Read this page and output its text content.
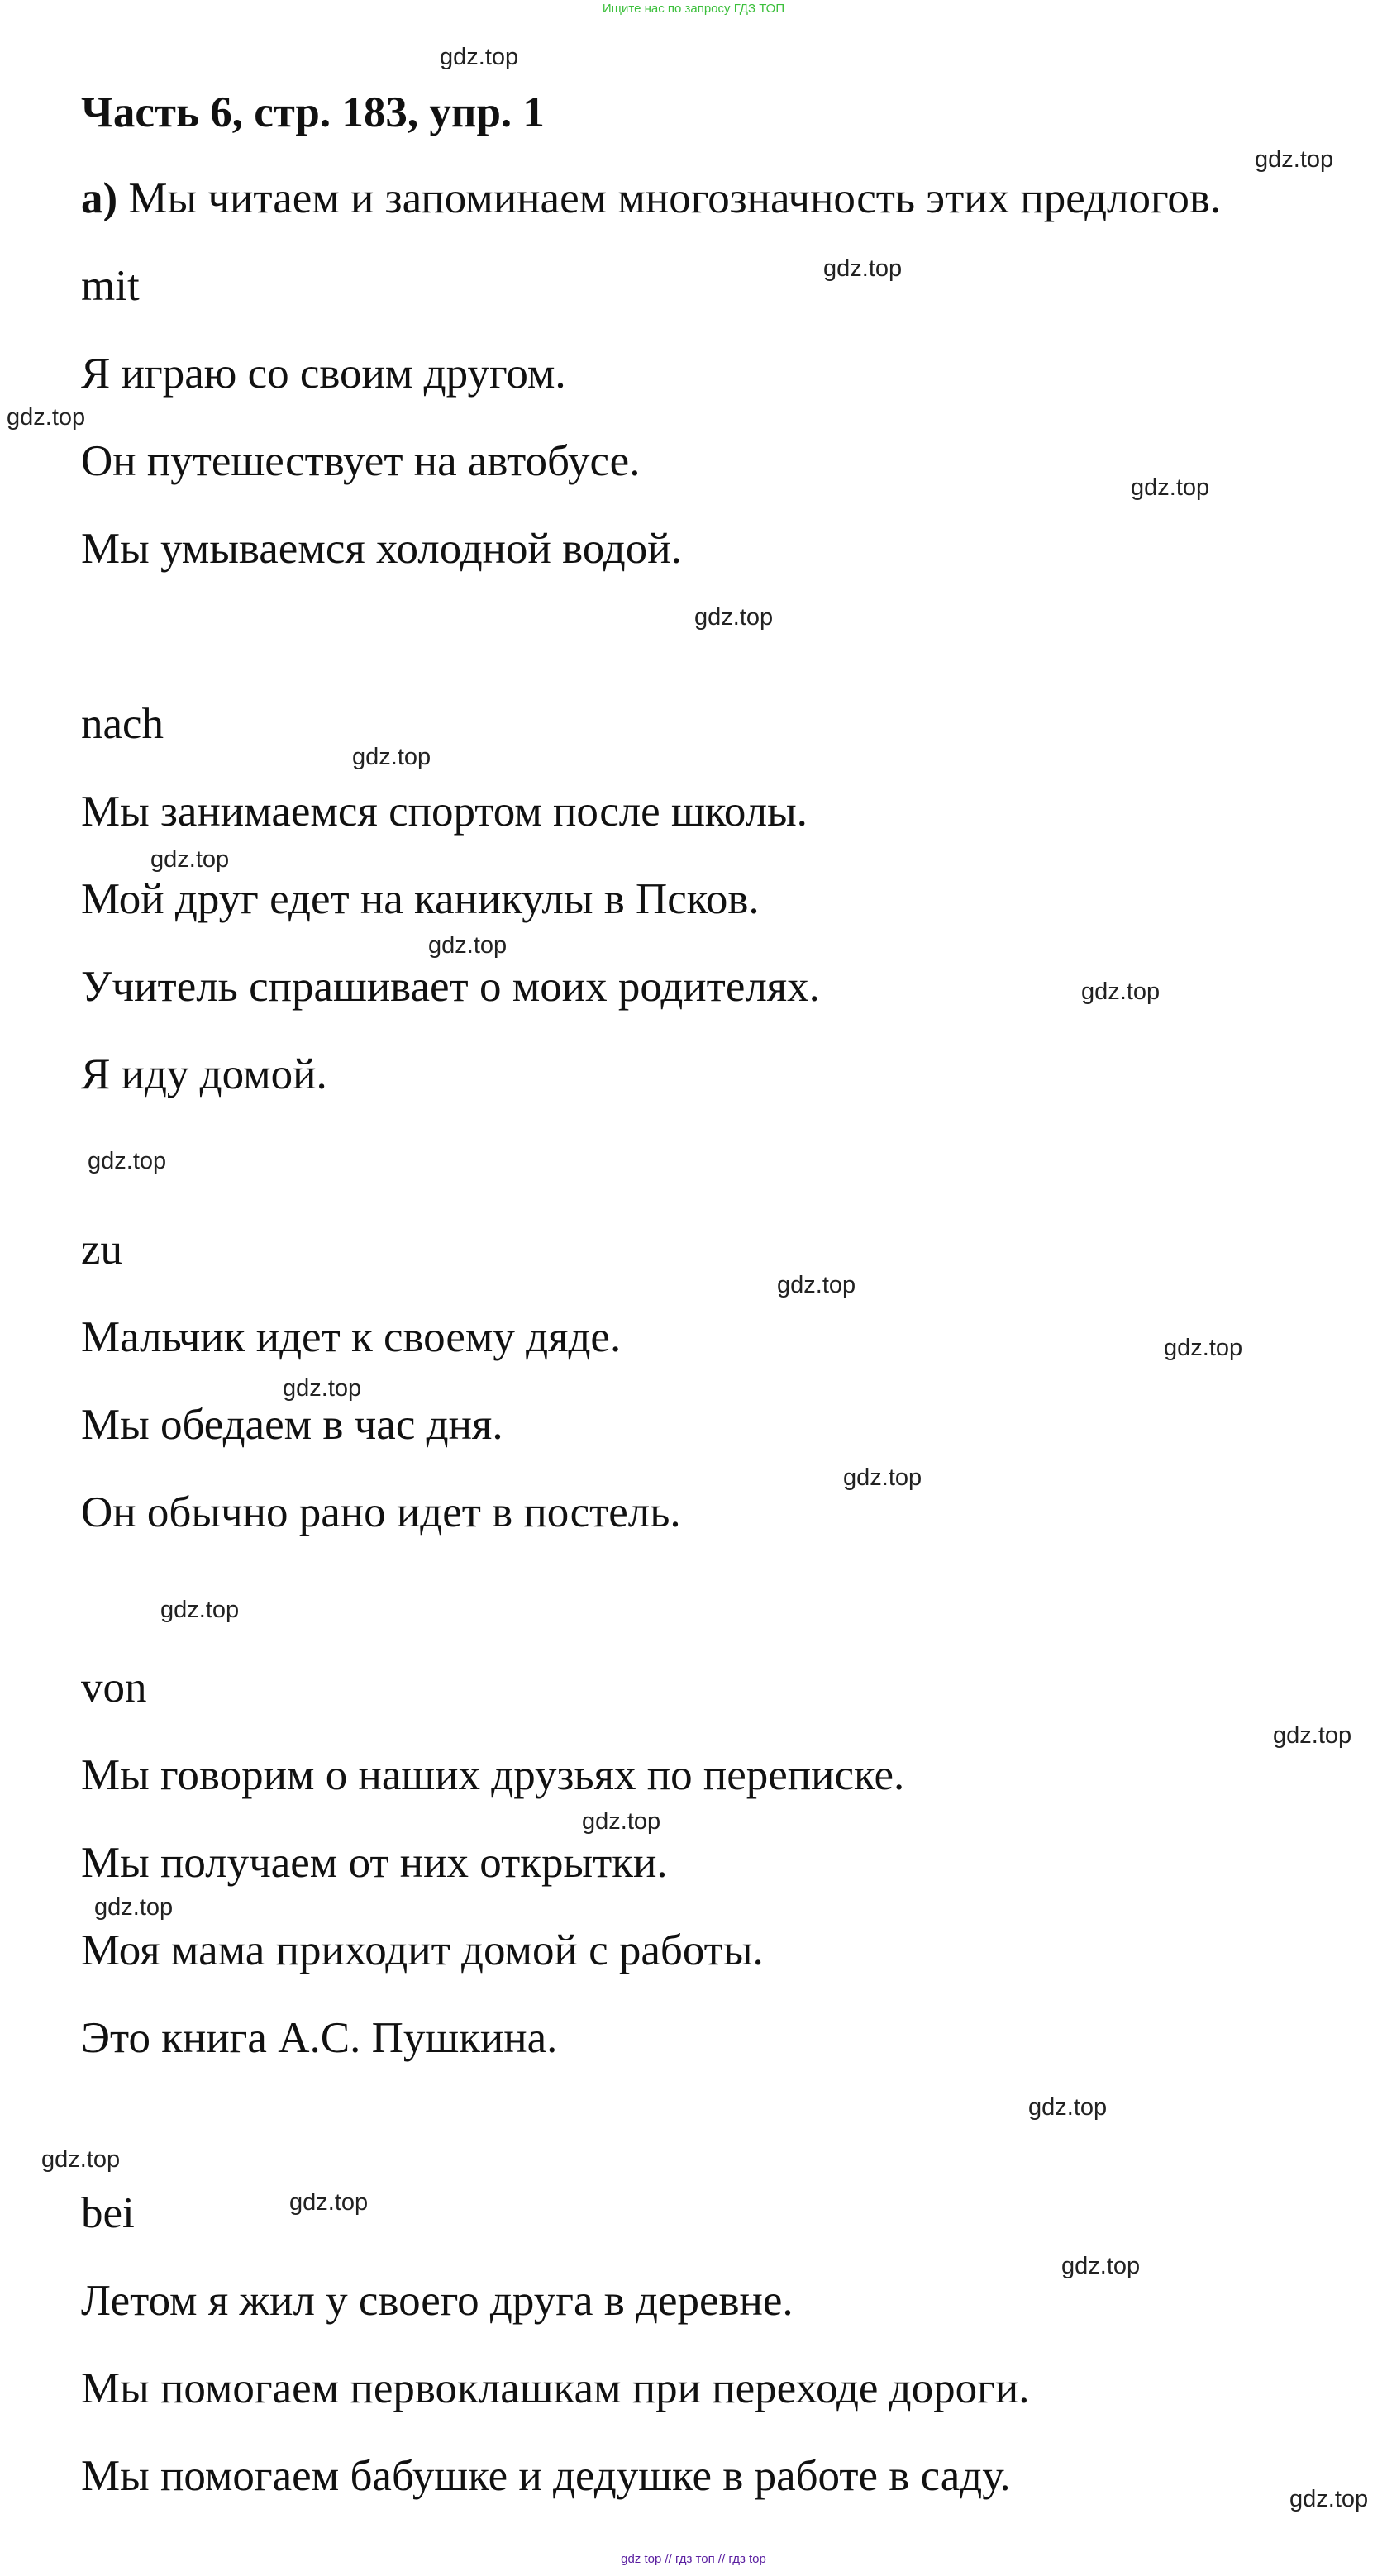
Ищите нас по запросу ГДЗ ТОП
Часть 6, стр. 183, упр. 1
а) Мы читаем и запоминаем многозначность этих предлогов.
mit
Я играю со своим другом.
Он путешествует на автобусе.
Мы умываемся холодной водой.
nach
Мы занимаемся спортом после школы.
Мой друг едет на каникулы в Псков.
Учитель спрашивает о моих родителях.
Я иду домой.
zu
Мальчик идет к своему дяде.
Мы обедаем в час дня.
Он обычно рано идет в постель.
von
Мы говорим о наших друзьях по переписке.
Мы получаем от них открытки.
Моя мама приходит домой с работы.
Это книга А.С. Пушкина.
bei
Летом я жил у своего друга в деревне.
Мы помогаем первоклашкам при переходе дороги.
Мы помогаем бабушке и дедушке в работе в саду.
gdz.top
gdz.top
gdz.top
gdz.top
gdz.top
gdz.top
gdz.top
gdz.top
gdz.top
gdz.top
gdz.top
gdz.top
gdz.top
gdz.top
gdz.top
gdz.top
gdz.top
gdz.top
gdz.top
gdz.top
gdz.top
gdz.top
gdz.top
gdz.top
gdz top // гдз топ // гдз top
